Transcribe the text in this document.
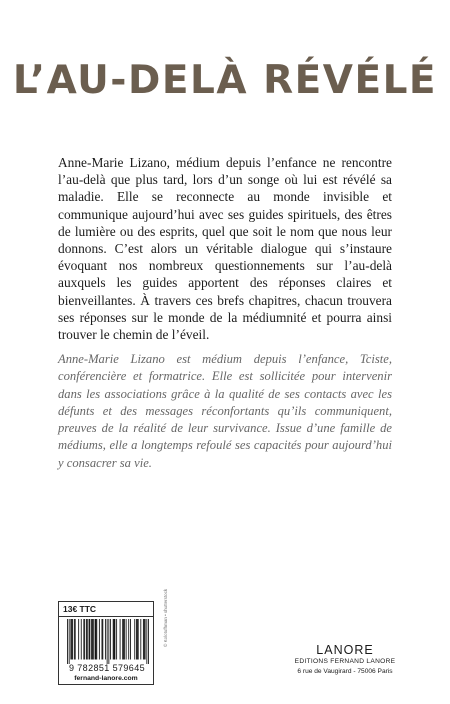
L’AU-DELÀ RÉVÉLÉ

Anne-Marie Lizano, médium depuis l’enfance ne rencontre l’au-delà que plus tard, lors d’un songe où lui est révélé sa maladie. Elle se reconnecte au monde invisible et communique aujourd’hui avec ses guides spirituels, des êtres de lumière ou des esprits, quel que soit le nom que nous leur donnons. C’est alors un véritable dialogue qui s’instaure évoquant nos nombreux questionnements sur l’au-delà auxquels les guides apportent des réponses claires et bienveillantes. À travers ces brefs chapitres, chacun trouvera ses réponses sur le monde de la médiumnité et pourra ainsi trouver le chemin de l’éveil.

Anne-Marie Lizano est médium depuis l’enfance, Tciste, conférencière et formatrice. Elle est sollicitée pour intervenir dans les associations grâce à la qualité de ses contacts avec les défunts et des messages réconfortants qu’ils communiquent, preuves de la réalité de leur survivance. Issue d’une famille de médiums, elle a longtemps refoulé ses capacités pour aujourd’hui y consacrer sa vie.

13€ TTC
9 782851 579645
fernand-lanore.com
© Kolotufhman • shutterstock
LANORE
EDITIONS FERNAND LANORE
6 rue de Vaugirard - 75006 Paris
